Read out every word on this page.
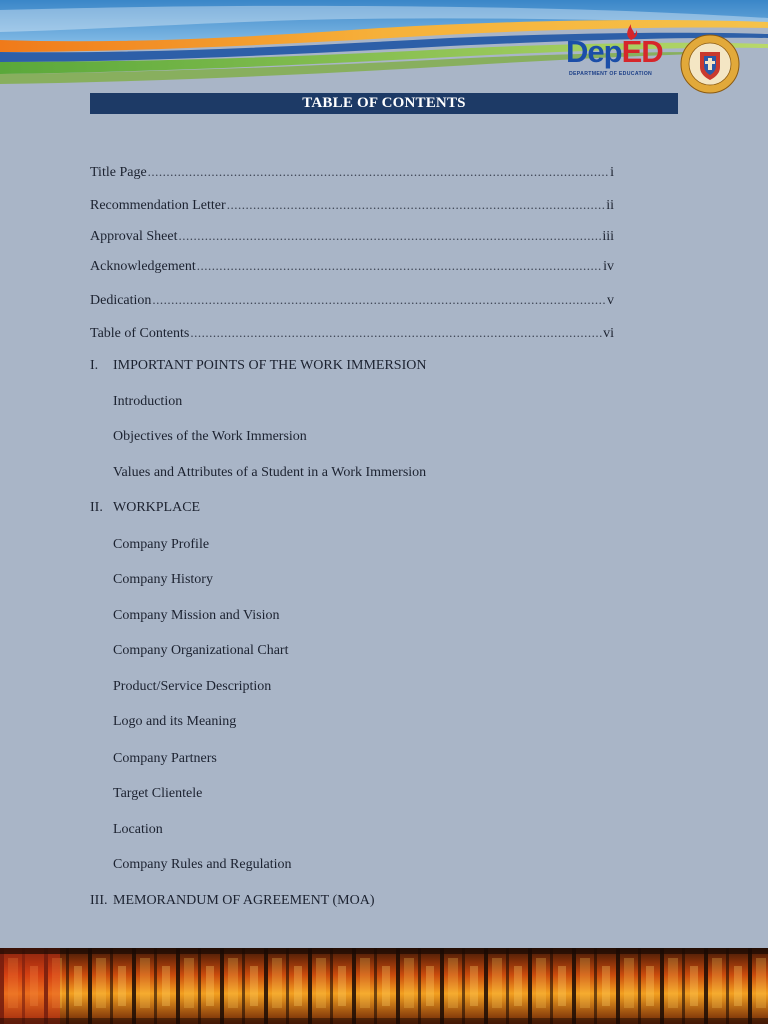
DepED
DEPARTMENT OF EDUCATION
TABLE OF CONTENTS
Title Page .....	i
Recommendation Letter .....	ii
Approval Sheet .....	iii
Acknowledgement .....	iv
Dedication .....	v
Table of Contents .....	vi
I. IMPORTANT POINTS OF THE WORK IMMERSION
Introduction
Objectives of the Work Immersion
Values and Attributes of a Student in a Work Immersion
II. WORKPLACE
Company Profile
Company History
Company Mission and Vision
Company Organizational Chart
Product/Service Description
Logo and its Meaning
Company Partners
Target Clientele
Location
Company Rules and Regulation
III. MEMORANDUM OF AGREEMENT (MOA)
